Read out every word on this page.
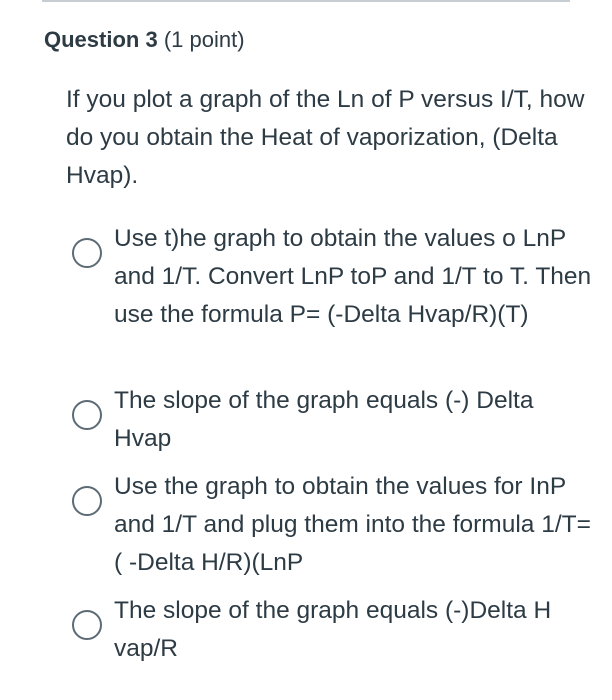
Question 3 (1 point)

If you plot a graph of the Ln of P versus I/T, how do you obtain the Heat of vaporization, (Delta Hvap).

Use t)he graph to obtain the values o LnP and 1/T. Convert LnP toP and 1/T to T. Then use the formula P= (-Delta Hvap/R)(T)

The slope of the graph equals (-) Delta Hvap

Use the graph to obtain the values for InP and 1/T and plug them into the formula 1/T=( -Delta H/R)(LnP

The slope of the graph equals (-)Delta H vap/R
